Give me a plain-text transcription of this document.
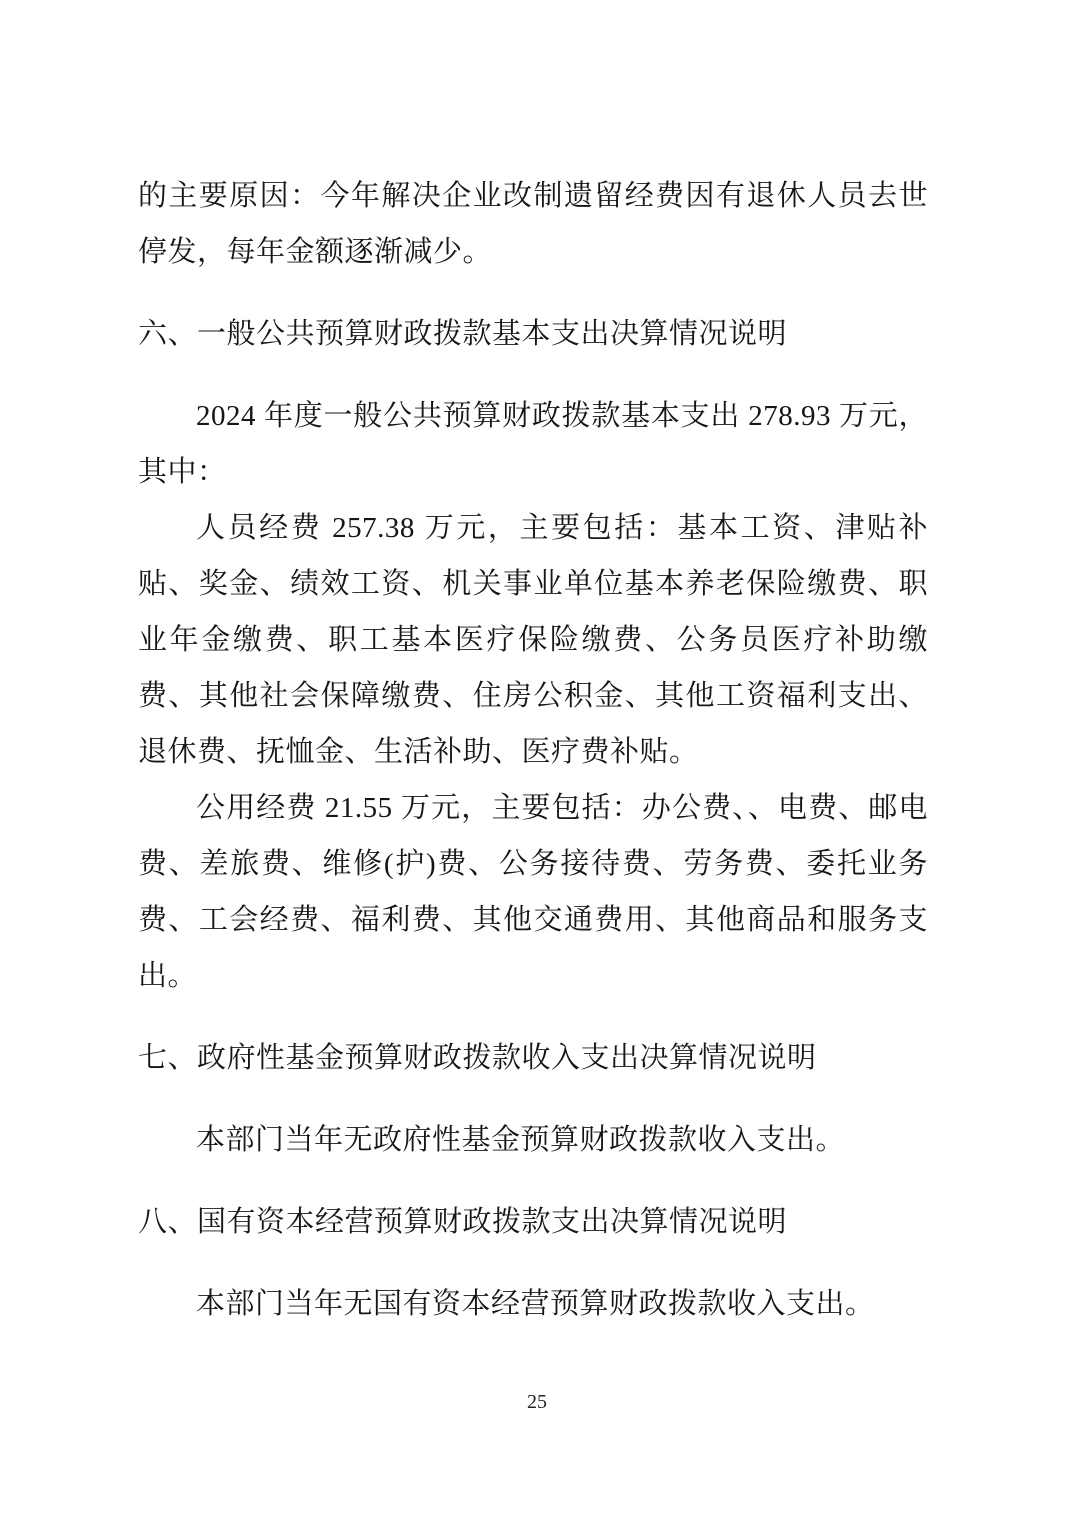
的主要原因：今年解决企业改制遗留经费因有退休人员去世停发，每年金额逐渐减少。

六、一般公共预算财政拨款基本支出决算情况说明

2024 年度一般公共预算财政拨款基本支出 278.93 万元，其中：

人员经费 257.38 万元，主要包括：基本工资、津贴补贴、奖金、绩效工资、机关事业单位基本养老保险缴费、职业年金缴费、职工基本医疗保险缴费、公务员医疗补助缴费、其他社会保障缴费、住房公积金、其他工资福利支出、退休费、抚恤金、生活补助、医疗费补贴。

公用经费 21.55 万元，主要包括：办公费、、电费、邮电费、差旅费、维修(护)费、公务接待费、劳务费、委托业务费、工会经费、福利费、其他交通费用、其他商品和服务支出。

七、政府性基金预算财政拨款收入支出决算情况说明

本部门当年无政府性基金预算财政拨款收入支出。

八、国有资本经营预算财政拨款支出决算情况说明

本部门当年无国有资本经营预算财政拨款收入支出。

25
